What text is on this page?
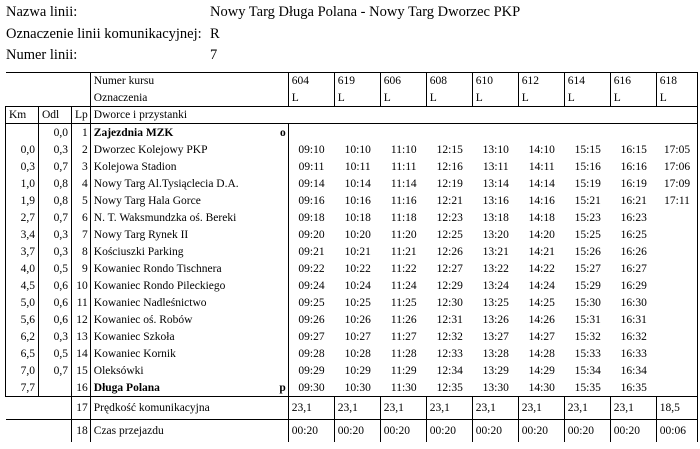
Nazwa linii:	Nowy Targ Długa Polana - Nowy Targ Dworzec PKP
Oznaczenie linii komunikacyjnej: R
Numer linii:	7
			Numer kursu	604	619	606	608	610	612	614	616	618
			Oznaczenia	L	L	L	L	L	L	L	L	L
Km	Odl	Lp	Dworce i przystanki									
	0,0	1	Zajezdnia MZK o									

0,0	0,3	2	Dworzec Kolejowy PKP	09:10	10:10	11:10	12:15	13:10	14:10	15:15	16:15	17:05
0,3	0,7	3	Kolejowa Stadion	09:11	10:11	11:11	12:16	13:11	14:11	15:16	16:16	17:06
1,0	0,8	4	Nowy Targ Al.Tysiąclecia D.A.	09:14	10:14	11:14	12:19	13:14	14:14	15:19	16:19	17:09
1,9	0,8	5	Nowy Targ Hala Gorce	09:16	10:16	11:16	12:21	13:16	14:16	15:21	16:21	17:11
2,7	0,7	6	N. T. Waksmundzka oś. Bereki	09:18	10:18	11:18	12:23	13:18	14:18	15:23	16:23	
3,4	0,3	7	Nowy Targ Rynek II	09:20	10:20	11:20	12:25	13:20	14:20	15:25	16:25	
3,7	0,3	8	Kościuszki Parking	09:21	10:21	11:21	12:26	13:21	14:21	15:26	16:26	
4,0	0,5	9	Kowaniec Rondo Tischnera	09:22	10:22	11:22	12:27	13:22	14:22	15:27	16:27	
4,5	0,6	10	Kowaniec Rondo Pileckiego	09:24	10:24	11:24	12:29	13:24	14:24	15:29	16:29	
5,0	0,6	11	Kowaniec Nadleśnictwo	09:25	10:25	11:25	12:30	13:25	14:25	15:30	16:30	
5,6	0,6	12	Kowaniec oś. Robów	09:26	10:26	11:26	12:31	13:26	14:26	15:31	16:31	
6,2	0,3	13	Kowaniec Szkoła	09:27	10:27	11:27	12:32	13:27	14:27	15:32	16:32	
6,5	0,5	14	Kowaniec Kornik	09:28	10:28	11:28	12:33	13:28	14:28	15:33	16:33	
7,0	0,7	15	Oleksówki	09:29	10:29	11:29	12:34	13:29	14:29	15:34	16:34	
7,7		16	Długa Polana p	09:30	10:30	11:30	12:35	13:30	14:30	15:35	16:35	
		17	Prędkość komunikacyjna	23,1	23,1	23,1	23,1	23,1	23,1	23,1	23,1	18,5
		18	Czas przejazdu	00:20	00:20	00:20	00:20	00:20	00:20	00:20	00:20	00:06
